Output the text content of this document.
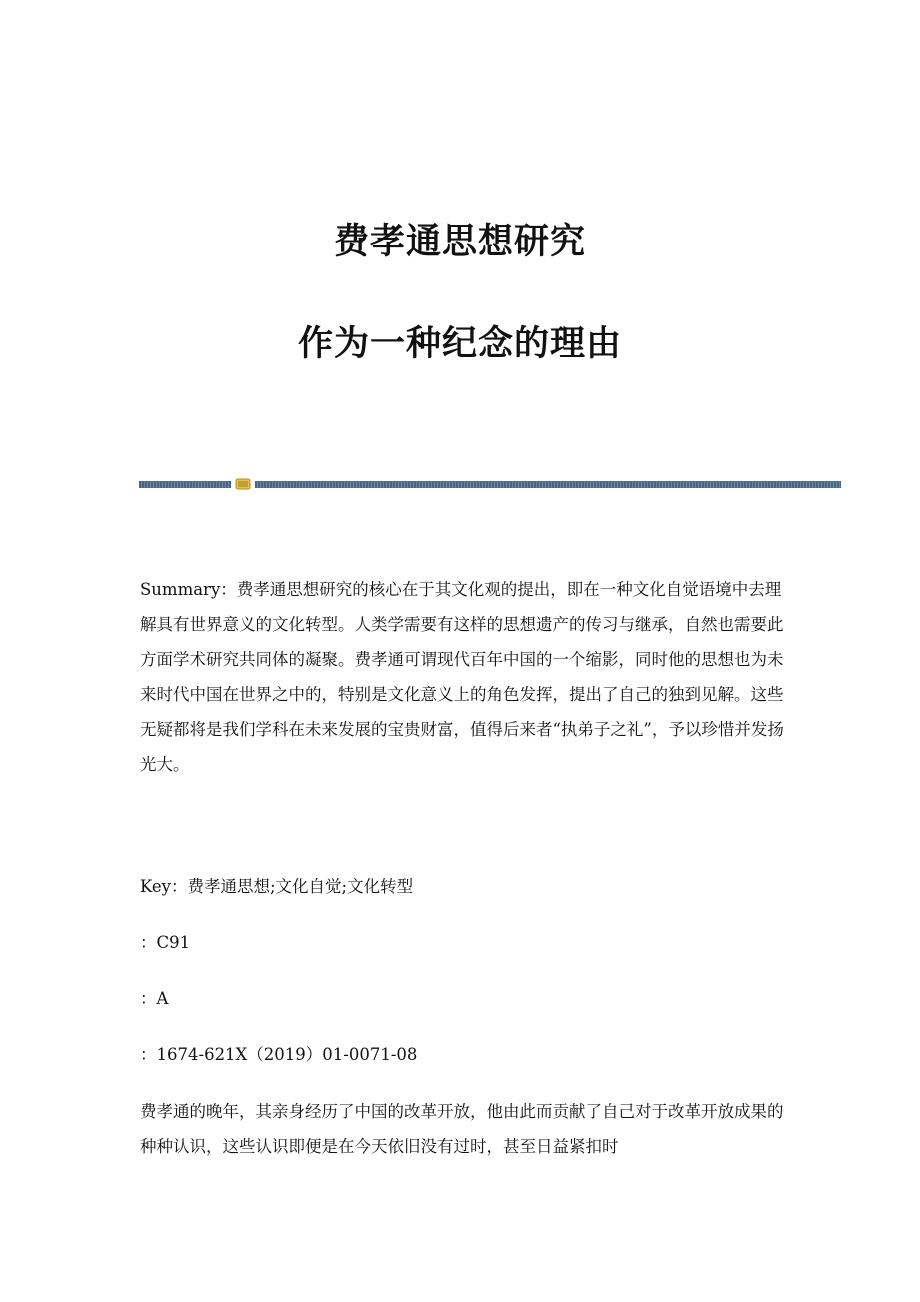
费孝通思想研究
作为一种纪念的理由

Summary：费孝通思想研究的核心在于其文化观的提出，即在一种文化自觉语境中去理解具有世界意义的文化转型。人类学需要有这样的思想遗产的传习与继承，自然也需要此方面学术研究共同体的凝聚。费孝通可谓现代百年中国的一个缩影，同时他的思想也为未来时代中国在世界之中的，特别是文化意义上的角色发挥，提出了自己的独到见解。这些无疑都将是我们学科在未来发展的宝贵财富，值得后来者“执弟子之礼”，予以珍惜并发扬光大。

Key：费孝通思想;文化自觉;文化转型

：C91

：A

：1674-621X（2019）01-0071-08

费孝通的晚年，其亲身经历了中国的改革开放，他由此而贡献了自己对于改革开放成果的种种认识，这些认识即便是在今天依旧没有过时，甚至日益紧扣时
